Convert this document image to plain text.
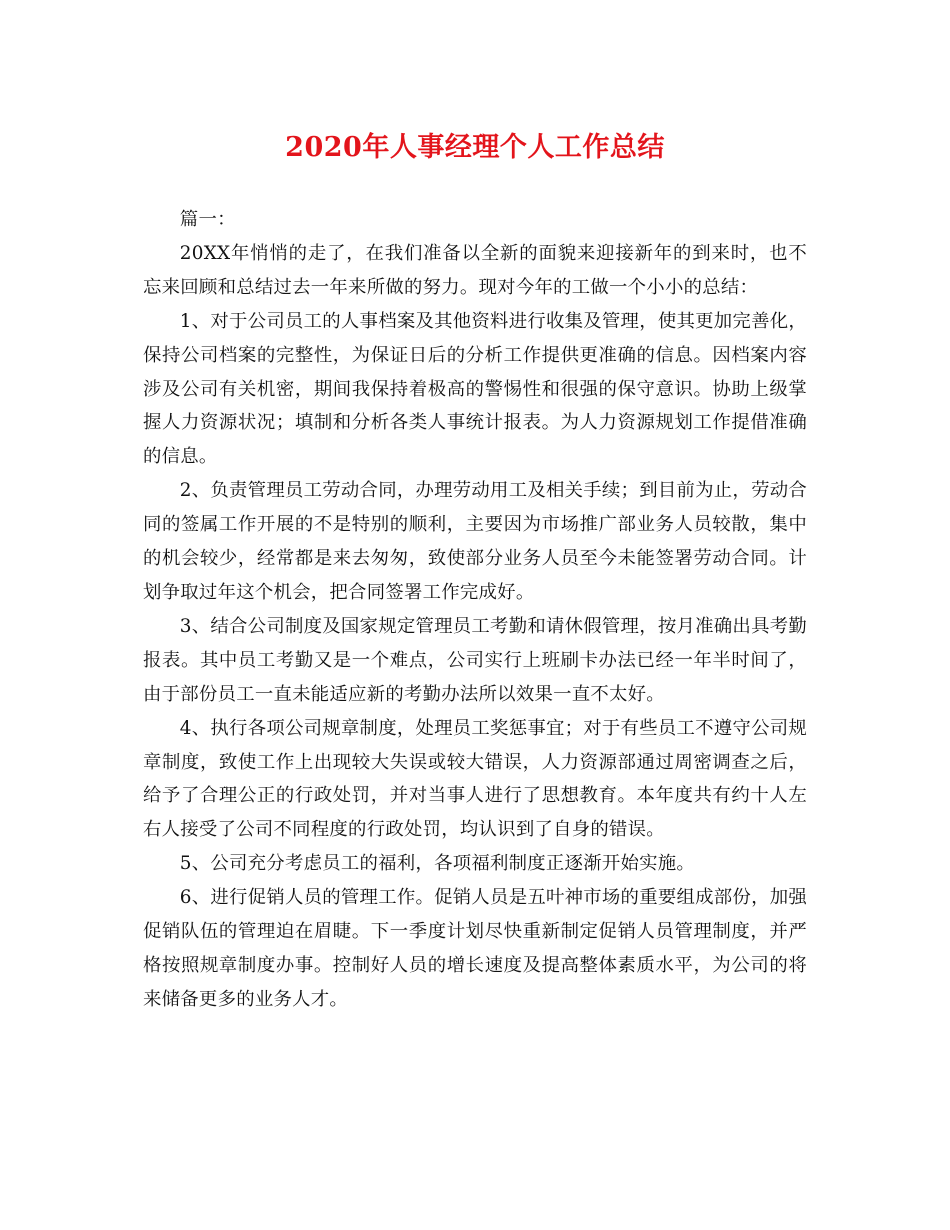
2020年人事经理个人工作总结

篇一：

20XX年悄悄的走了，在我们准备以全新的面貌来迎接新年的到来时，也不忘来回顾和总结过去一年来所做的努力。现对今年的工做一个小小的总结：

1、对于公司员工的人事档案及其他资料进行收集及管理，使其更加完善化，保持公司档案的完整性，为保证日后的分析工作提供更准确的信息。因档案内容涉及公司有关机密，期间我保持着极高的警惕性和很强的保守意识。协助上级掌握人力资源状况；填制和分析各类人事统计报表。为人力资源规划工作提借准确的信息。

2、负责管理员工劳动合同，办理劳动用工及相关手续；到目前为止，劳动合同的签属工作开展的不是特别的顺利，主要因为市场推广部业务人员较散，集中的机会较少，经常都是来去匆匆，致使部分业务人员至今未能签署劳动合同。计划争取过年这个机会，把合同签署工作完成好。

3、结合公司制度及国家规定管理员工考勤和请休假管理，按月准确出具考勤报表。其中员工考勤又是一个难点，公司实行上班刷卡办法已经一年半时间了，由于部份员工一直未能适应新的考勤办法所以效果一直不太好。

4、执行各项公司规章制度，处理员工奖惩事宜；对于有些员工不遵守公司规章制度，致使工作上出现较大失误或较大错误，人力资源部通过周密调查之后，给予了合理公正的行政处罚，并对当事人进行了思想教育。本年度共有约十人左右人接受了公司不同程度的行政处罚，均认识到了自身的错误。

5、公司充分考虑员工的福利，各项福利制度正逐渐开始实施。

6、进行促销人员的管理工作。促销人员是五叶神市场的重要组成部份，加强促销队伍的管理迫在眉睫。下一季度计划尽快重新制定促销人员管理制度，并严格按照规章制度办事。控制好人员的增长速度及提高整体素质水平，为公司的将来储备更多的业务人才。
